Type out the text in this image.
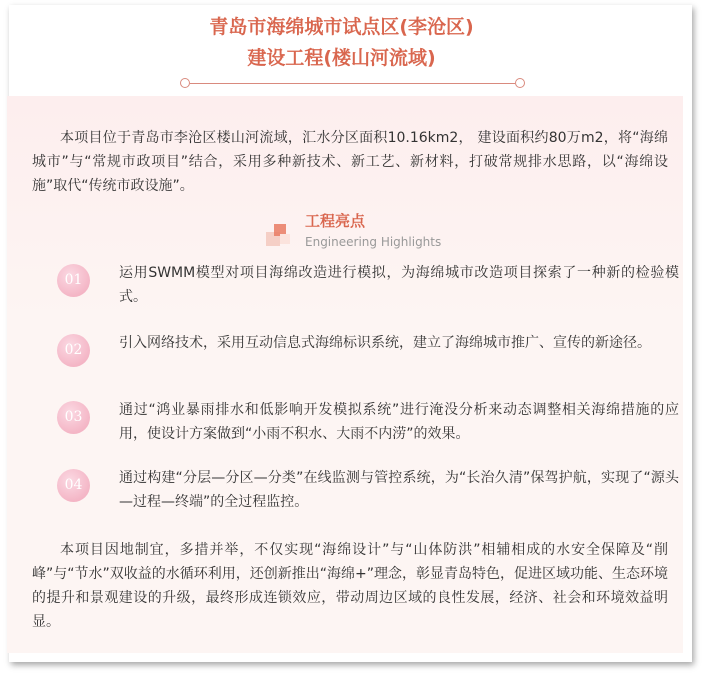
青岛市海绵城市试点区(李沧区)
建设工程(楼山河流域)

本项目位于青岛市李沧区楼山河流域，汇水分区面积10.16km2， 建设面积约80万m2，将“海绵城市”与“常规市政项目”结合，采用多种新技术、新工艺、新材料，打破常规排水思路，以“海绵设施”取代“传统市政设施”。

工程亮点
Engineering Highlights
01	运用SWMM模型对项目海绵改造进行模拟，为海绵城市改造项目探索了一种新的检验模式。
02	引入网络技术，采用互动信息式海绵标识系统，建立了海绵城市推广、宣传的新途径。
03	通过“鸿业暴雨排水和低影响开发模拟系统”进行淹没分析来动态调整相关海绵措施的应用，使设计方案做到“小雨不积水、大雨不内涝”的效果。
04	通过构建“分层—分区—分类”在线监测与管控系统，为“长治久清”保驾护航，实现了“源头—过程—终端”的全过程监控。

本项目因地制宜，多措并举，不仅实现“海绵设计”与“山体防洪”相辅相成的水安全保障及“削峰”与“节水”双收益的水循环利用，还创新推出“海绵+”理念，彰显青岛特色，促进区域功能、生态环境的提升和景观建设的升级，最终形成连锁效应，带动周边区域的良性发展，经济、社会和环境效益明显。
